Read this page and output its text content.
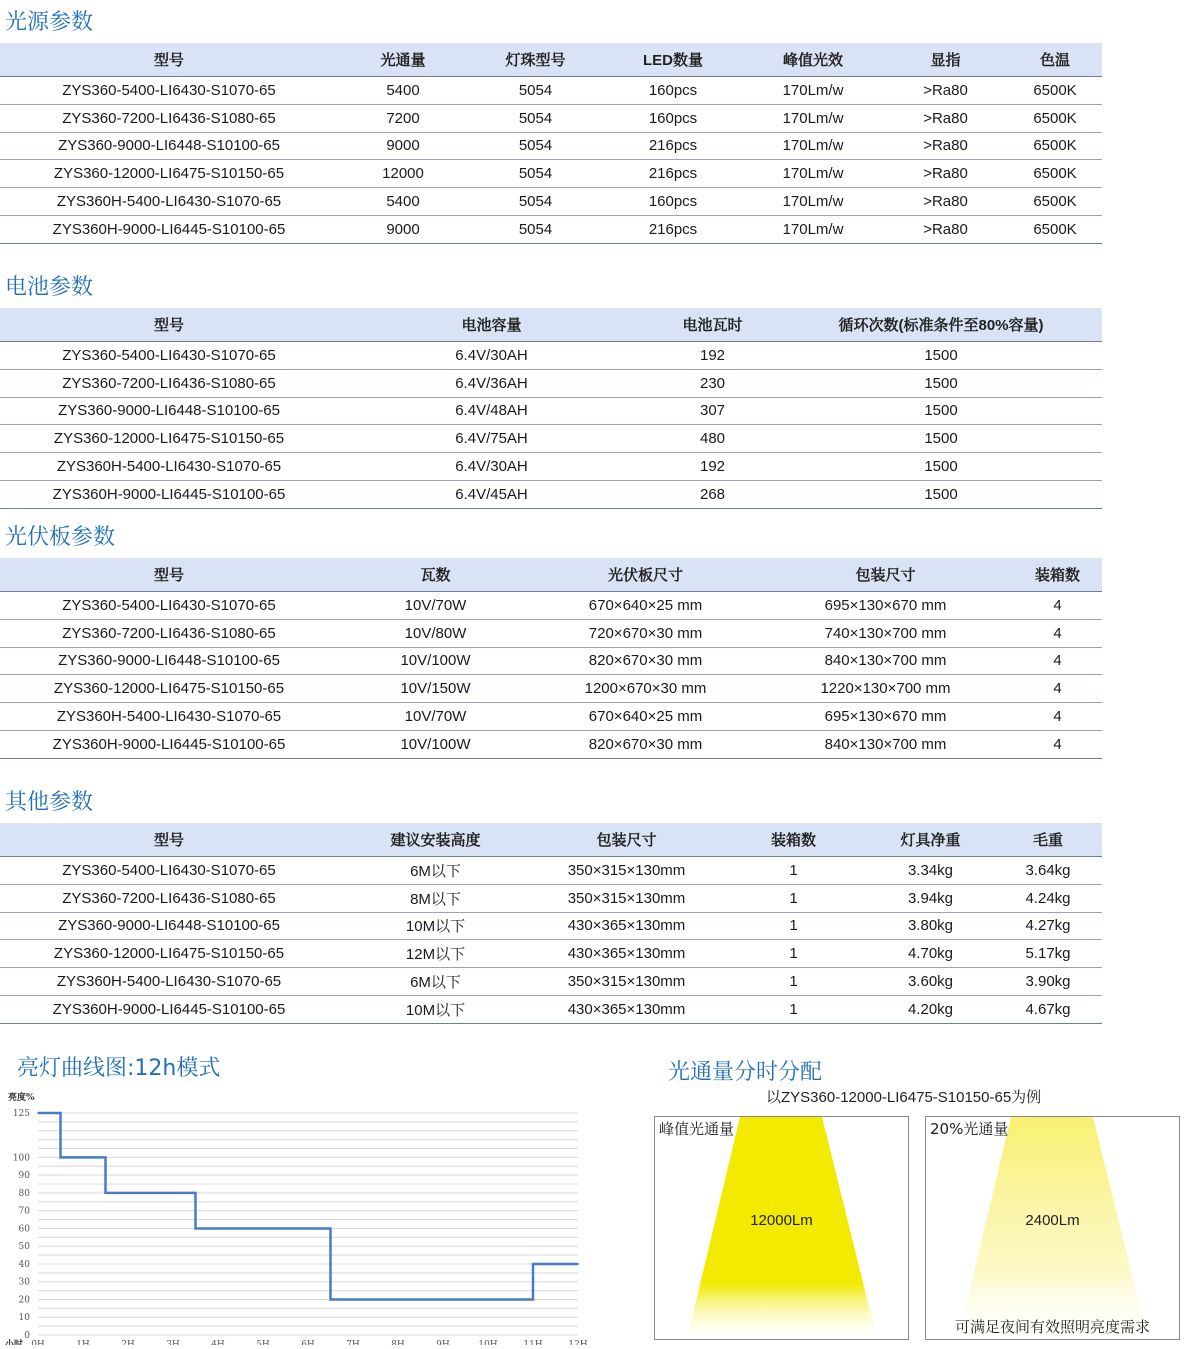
光源参数
型号	光通量	灯珠型号	LED数量	峰值光效	显指	色温
ZYS360-5400-LI6430-S1070-65	5400	5054	160pcs	170Lm/w	>Ra80	6500K
ZYS360-7200-LI6436-S1080-65	7200	5054	160pcs	170Lm/w	>Ra80	6500K
ZYS360-9000-LI6448-S10100-65	9000	5054	216pcs	170Lm/w	>Ra80	6500K
ZYS360-12000-LI6475-S10150-65	12000	5054	216pcs	170Lm/w	>Ra80	6500K
ZYS360H-5400-LI6430-S1070-65	5400	5054	160pcs	170Lm/w	>Ra80	6500K
ZYS360H-9000-LI6445-S10100-65	9000	5054	216pcs	170Lm/w	>Ra80	6500K
电池参数
型号	电池容量	电池瓦时	循环次数(标准条件至80%容量)
ZYS360-5400-LI6430-S1070-65	6.4V/30AH	192	1500
ZYS360-7200-LI6436-S1080-65	6.4V/36AH	230	1500
ZYS360-9000-LI6448-S10100-65	6.4V/48AH	307	1500
ZYS360-12000-LI6475-S10150-65	6.4V/75AH	480	1500
ZYS360H-5400-LI6430-S1070-65	6.4V/30AH	192	1500
ZYS360H-9000-LI6445-S10100-65	6.4V/45AH	268	1500
光伏板参数
型号	瓦数	光伏板尺寸	包装尺寸	装箱数
ZYS360-5400-LI6430-S1070-65	10V/70W	670×640×25 mm	695×130×670 mm	4
ZYS360-7200-LI6436-S1080-65	10V/80W	720×670×30 mm	740×130×700 mm	4
ZYS360-9000-LI6448-S10100-65	10V/100W	820×670×30 mm	840×130×700 mm	4
ZYS360-12000-LI6475-S10150-65	10V/150W	1200×670×30 mm	1220×130×700 mm	4
ZYS360H-5400-LI6430-S1070-65	10V/70W	670×640×25 mm	695×130×670 mm	4
ZYS360H-9000-LI6445-S10100-65	10V/100W	820×670×30 mm	840×130×700 mm	4
其他参数
型号	建议安装高度	包装尺寸	装箱数	灯具净重	毛重
ZYS360-5400-LI6430-S1070-65	6M以下	350×315×130mm	1	3.34kg	3.64kg
ZYS360-7200-LI6436-S1080-65	8M以下	350×315×130mm	1	3.94kg	4.24kg
ZYS360-9000-LI6448-S10100-65	10M以下	430×365×130mm	1	3.80kg	4.27kg
ZYS360-12000-LI6475-S10150-65	12M以下	430×365×130mm	1	4.70kg	5.17kg
ZYS360H-5400-LI6430-S1070-65	6M以下	350×315×130mm	1	3.60kg	3.90kg
ZYS360H-9000-LI6445-S10100-65	10M以下	430×365×130mm	1	4.20kg	4.67kg
亮灯曲线图:12h模式
0
10
20
30
40
50
60
70
80
90
100
125
0H	1H	2H	3H	4H	5H	6H	7H	8H	9H	10H	11H	12H
亮度%
小时
光通量分时分配
以ZYS360-12000-LI6475-S10150-65为例
峰值光通量
12000Lm
20%光通量
2400Lm
可满足夜间有效照明亮度需求
